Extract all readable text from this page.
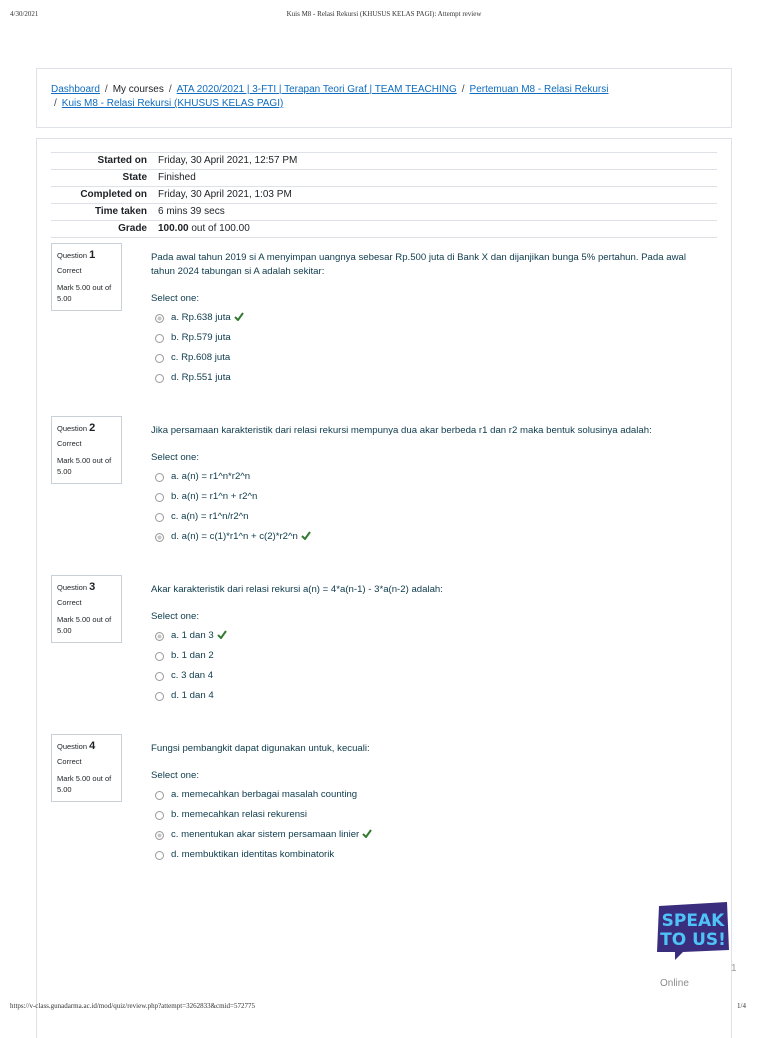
4/30/2021	Kuis M8 - Relasi Rekursi (KHUSUS KELAS PAGI): Attempt review
Dashboard / My courses / ATA 2020/2021 | 3-FTI | Terapan Teori Graf | TEAM TEACHING / Pertemuan M8 - Relasi Rekursi
/ Kuis M8 - Relasi Rekursi (KHUSUS KELAS PAGI)
Started on Friday, 30 April 2021, 12:57 PM
State Finished
Completed on Friday, 30 April 2021, 1:03 PM
Time taken 6 mins 39 secs
Grade 100.00 out of 100.00
Question 1
Correct
Mark 5.00 out of 5.00
Pada awal tahun 2019 si A menyimpan uangnya sebesar Rp.500 juta di Bank X dan dijanjikan bunga 5% pertahun. Pada awal tahun 2024 tabungan si A adalah sekitar:
Select one:
a. Rp.638 juta
b. Rp.579 juta
c. Rp.608 juta
d. Rp.551 juta
Question 2
Correct
Mark 5.00 out of 5.00
Jika persamaan karakteristik dari relasi rekursi mempunya dua akar berbeda r1 dan r2 maka bentuk solusinya adalah:
Select one:
a. a(n) = r1^n*r2^n
b. a(n) = r1^n + r2^n
c. a(n) = r1^n/r2^n
d. a(n) = c(1)*r1^n + c(2)*r2^n
Question 3
Correct
Mark 5.00 out of 5.00
Akar karakteristik dari relasi rekursi a(n) = 4*a(n-1) - 3*a(n-2) adalah:
Select one:
a. 1 dan 3
b. 1 dan 2
c. 3 dan 4
d. 1 dan 4
Question 4
Correct
Mark 5.00 out of 5.00
Fungsi pembangkit dapat digunakan untuk, kecuali:
Select one:
a. memecahkan berbagai masalah counting
b. memecahkan relasi rekurensi
c. menentukan akar sistem persamaan linier
d. membuktikan identitas kombinatorik
SPEAK
TO US!
1
Online
https://v-class.gunadarma.ac.id/mod/quiz/review.php?attempt=3262833&cmid=572775	1/4
